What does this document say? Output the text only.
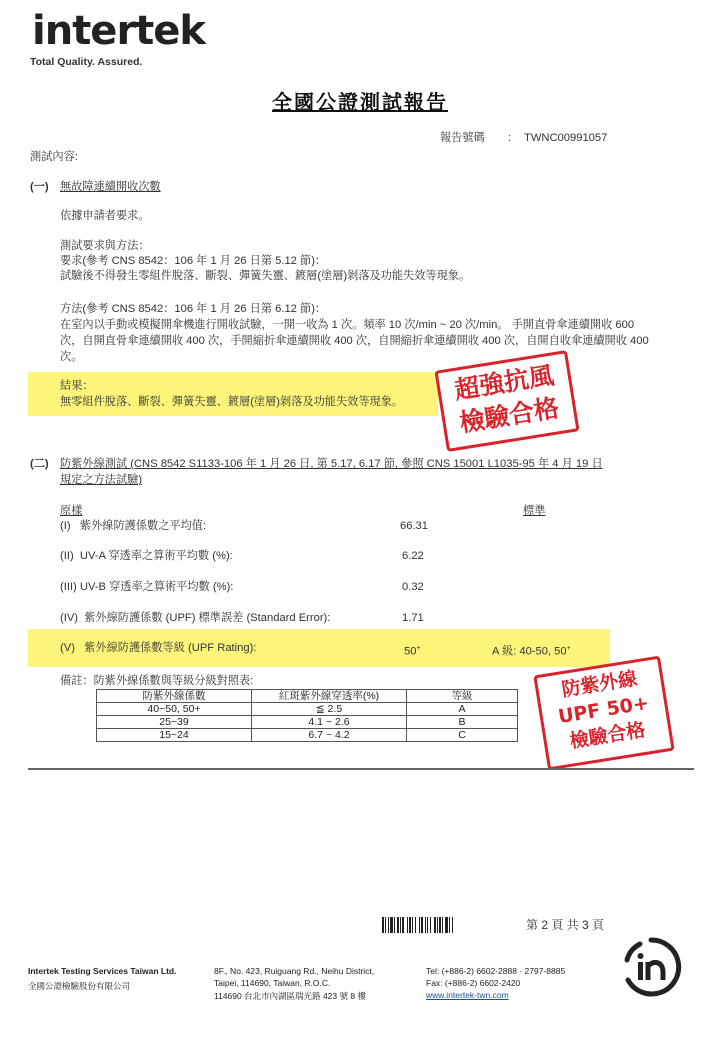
intertek
Total Quality. Assured.
全國公證測試報告
報告號碼 : TWNC00991057
測試內容:
(一) 無故障連續開收次數
依據申請者要求。
測試要求與方法：
要求(參考 CNS 8542：106 年 1 月 26 日第 5.12 節)：
試驗後不得發生零組件脫落、斷裂、彈簧失靈、鍍層(塗層)剝落及功能失效等現象。
方法(參考 CNS 8542：106 年 1 月 26 日第 6.12 節)：
在室內以手動或模擬開傘機進行開收試驗，一開一收為 1 次。頻率 10 次/min ~ 20 次/min。 手開直骨傘連續開收 600
次，自開直骨傘連續開收 400 次，手開縮折傘連續開收 400 次，自開縮折傘連續開收 400 次，自開自收傘連續開收 400
次。
結果：
無零組件脫落、斷裂、彈簧失靈、鍍層(塗層)剝落及功能失效等現象。	超強抗風
檢驗合格
(二) 防紫外線測試 (CNS 8542 S1133-106 年 1 月 26 日, 第 5.17, 6.17 節, 參照 CNS 15001 L1035-95 年 4 月 19 日
規定之方法試驗)
原樣	標準
(I)   紫外線防護係數之平均值:	66.31
(II)  UV-A 穿透率之算術平均數 (%):	6.22
(III) UV-B 穿透率之算術平均數 (%):	0.32
(IV)  紫外線防護係數 (UPF) 標準誤差 (Standard Error):	1.71
(V)   紫外線防護係數等級 (UPF Rating):	50+	A 級: 40-50, 50+
備註：防紫外線係數與等級分級對照表:
防紫外線係數	紅斑紫外線穿透率(%)	等級
40~50, 50+	≦ 2.5	A
25~39	4.1 ~ 2.6	B
15~24	6.7 ~ 4.2	C
防紫外線
UPF 50+
檢驗合格
第 2 頁 共 3 頁
Intertek Testing Services Taiwan Ltd.
全國公證檢驗股份有限公司
8F., No. 423, Ruiguang Rd., Neihu District,
Taipei, 114690, Taiwan, R.O.C.
114690 台北市內湖區瑞光路 423 號 8 樓
Tel: (+886-2) 6602-2888 · 2797-8885
Fax: (+886-2) 6602-2420
www.intertek-twn.com
